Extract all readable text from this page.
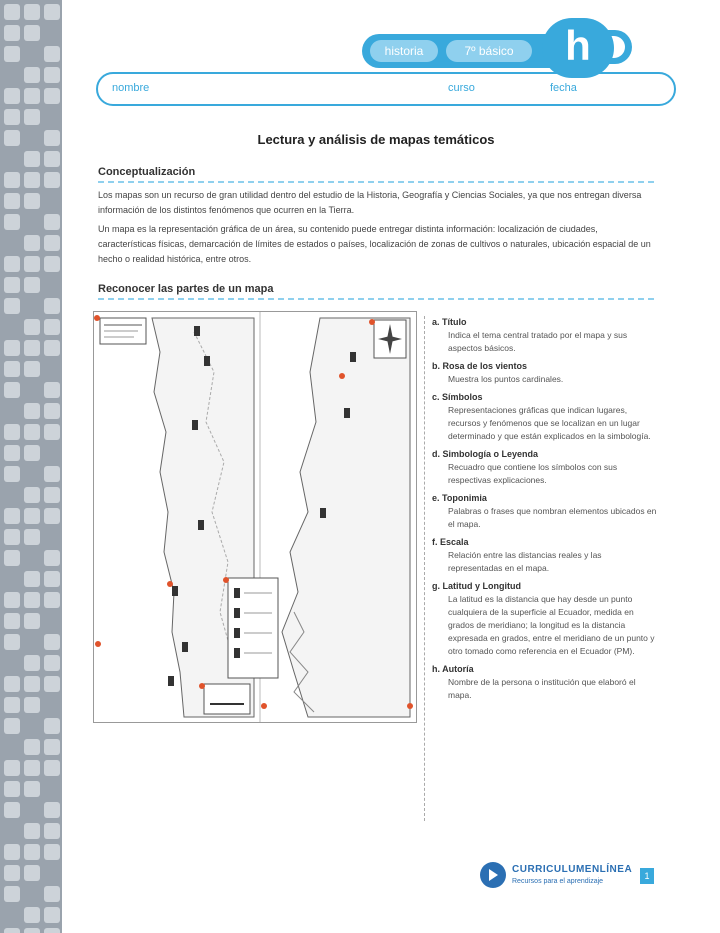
historia	7º básico	h
nombre	curso	fecha
Lectura y análisis de mapas temáticos
Conceptualización

Los mapas son un recurso de gran utilidad dentro del estudio de la Historia, Geografía y Ciencias Sociales, ya que nos entregan diversa información de los distintos fenómenos que ocurren en la Tierra.

Un mapa es la representación gráfica de un área, su contenido puede entregar distinta información: localización de ciudades, características físicas, demarcación de límites de estados o países, localización de zonas de cultivos o naturales, ubicación espacial de un hecho o realidad histórica, entre otros.

Reconocer las partes de un mapa
a. Título
Indica el tema central tratado por el mapa y sus aspectos básicos.
b. Rosa de los vientos
Muestra los puntos cardinales.
c. Símbolos
Representaciones gráficas que indican lugares, recursos y fenómenos que se localizan en un lugar determinado y que están explicados en la simbología.
d. Simbología o Leyenda
Recuadro que contiene los símbolos con sus respectivas explicaciones.
e. Toponimia
Palabras o frases que nombran elementos ubicados en el mapa.
f. Escala
Relación entre las distancias reales y las representadas en el mapa.
g. Latitud y Longitud
La latitud es la distancia que hay desde un punto cualquiera de la superficie al Ecuador, medida en grados de meridiano; la longitud es la distancia expresada en grados, entre el meridiano de un punto y otro tomado como referencia en el Ecuador (PM).
h. Autoría
Nombre de la persona o institución que elaboró el mapa.
CURRICULUMENLÍNEA
Recursos para el aprendizaje
1
